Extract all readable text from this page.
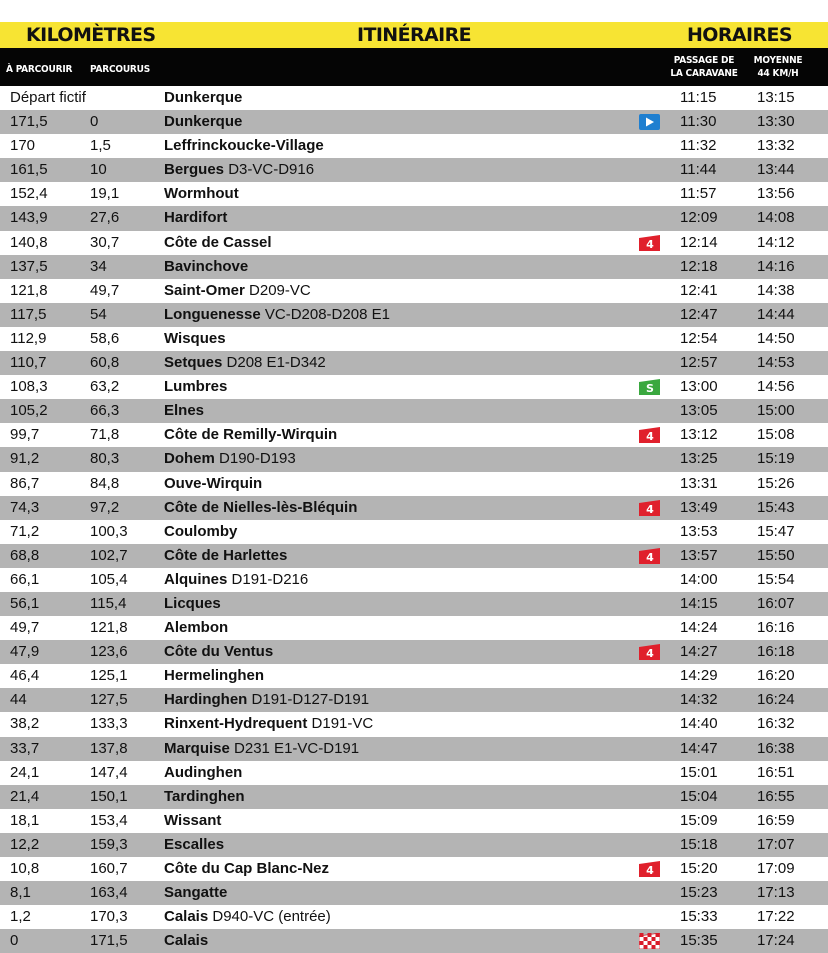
KILOMÈTRES	ITINÉRAIRE	HORAIRES
À PARCOURIR PARCOURUS
PASSAGE DE
LA CARAVANE
MOYENNE
44 KM/H
Départ fictif	Dunkerque	11:15	13:15
171,5	0	Dunkerque	11:30	13:30
170	1,5	Leffrinckoucke-Village	11:32	13:32
161,5	10	Bergues D3-VC-D916	11:44	13:44
152,4	19,1	Wormhout	11:57	13:56
143,9	27,6	Hardifort	12:09	14:08
140,8	30,7	Côte de Cassel	4 12:14	14:12
137,5	34	Bavinchove	12:18	14:16
121,8	49,7	Saint-Omer D209-VC	12:41	14:38
117,5	54	Longuenesse VC-D208-D208 E1	12:47	14:44
112,9	58,6	Wisques	12:54	14:50
110,7	60,8	Setques D208 E1-D342	12:57	14:53
108,3	63,2	Lumbres	S 13:00	14:56
105,2	66,3	Elnes	13:05	15:00
99,7	71,8	Côte de Remilly-Wirquin	4 13:12	15:08
91,2	80,3	Dohem D190-D193	13:25	15:19
86,7	84,8	Ouve-Wirquin	13:31	15:26
74,3	97,2	Côte de Nielles-lès-Bléquin	4 13:49	15:43
71,2	100,3 Coulomby	13:53	15:47
68,8	102,7 Côte de Harlettes	4 13:57	15:50
66,1	105,4 Alquines D191-D216	14:00	15:54
56,1	115,4	Licques	14:15	16:07
49,7	121,8 Alembon	14:24	16:16
47,9	123,6 Côte du Ventus	4 14:27	16:18
46,4	125,1 Hermelinghen	14:29	16:20
44	127,5 Hardinghen D191-D127-D191	14:32	16:24
38,2	133,3 Rinxent-Hydrequent D191-VC	14:40	16:32
33,7	137,8 Marquise D231 E1-VC-D191	14:47	16:38
24,1	147,4 Audinghen	15:01	16:51
21,4	150,1 Tardinghen	15:04	16:55
18,1	153,4 Wissant	15:09	16:59
12,2	159,3 Escalles	15:18	17:07
10,8	160,7 Côte du Cap Blanc-Nez	4 15:20	17:09
8,1	163,4 Sangatte	15:23	17:13
1,2	170,3 Calais D940-VC (entrée)	15:33	17:22
0	171,5 Calais	15:35	17:24
